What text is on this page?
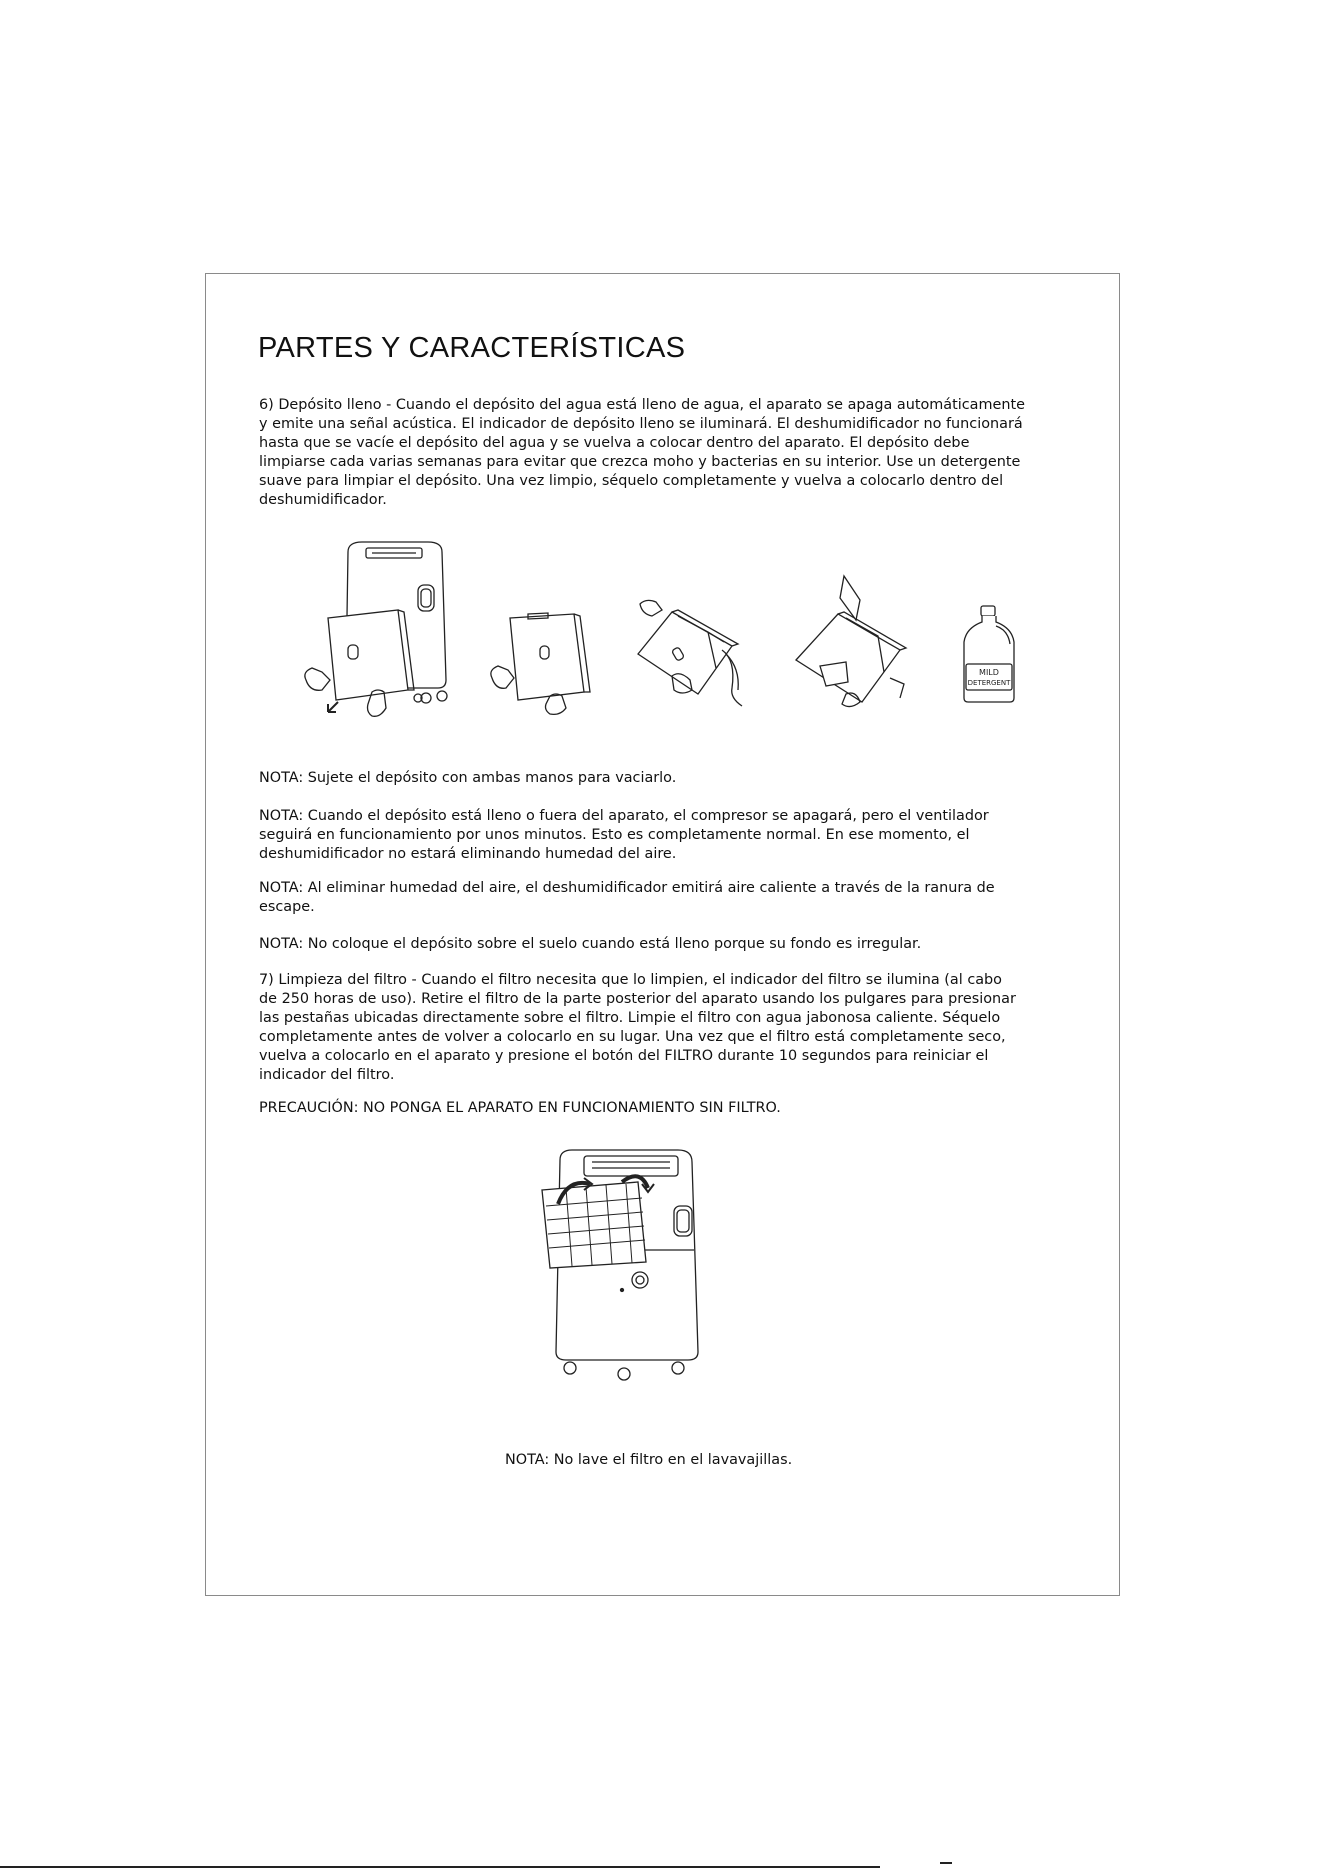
PARTES Y CARACTERÍSTICAS
6) Depósito lleno - Cuando el depósito del agua está lleno de agua, el aparato se apaga automáticamente
y emite una señal acústica. El indicador de depósito lleno se iluminará. El deshumidificador no funcionará
hasta que se vacíe el depósito del agua y se vuelva a colocar dentro del aparato. El depósito debe
limpiarse cada varias semanas para evitar que crezca moho y bacterias en su interior. Use un detergente
suave para limpiar el depósito. Una vez limpio, séquelo completamente y vuelva a colocarlo dentro del
deshumidificador.
MILD
DETERGENT

NOTA: Sujete el depósito con ambas manos para vaciarlo.

NOTA: Cuando el depósito está lleno o fuera del aparato, el compresor se apagará, pero el ventilador
seguirá en funcionamiento por unos minutos. Esto es completamente normal. En ese momento, el
deshumidificador no estará eliminando humedad del aire.
NOTA: Al eliminar humedad del aire, el deshumidificador emitirá aire caliente a través de la ranura de
escape.

NOTA: No coloque el depósito sobre el suelo cuando está lleno porque su fondo es irregular.

7) Limpieza del filtro - Cuando el filtro necesita que lo limpien, el indicador del filtro se ilumina (al cabo
de 250 horas de uso). Retire el filtro de la parte posterior del aparato usando los pulgares para presionar
las pestañas ubicadas directamente sobre el filtro. Limpie el filtro con agua jabonosa caliente. Séquelo
completamente antes de volver a colocarlo en su lugar. Una vez que el filtro está completamente seco,
vuelva a colocarlo en el aparato y presione el botón del FILTRO durante 10 segundos para reiniciar el
indicador del filtro.

PRECAUCIÓN: NO PONGA EL APARATO EN FUNCIONAMIENTO SIN FILTRO.

NOTA: No lave el filtro en el lavavajillas.
